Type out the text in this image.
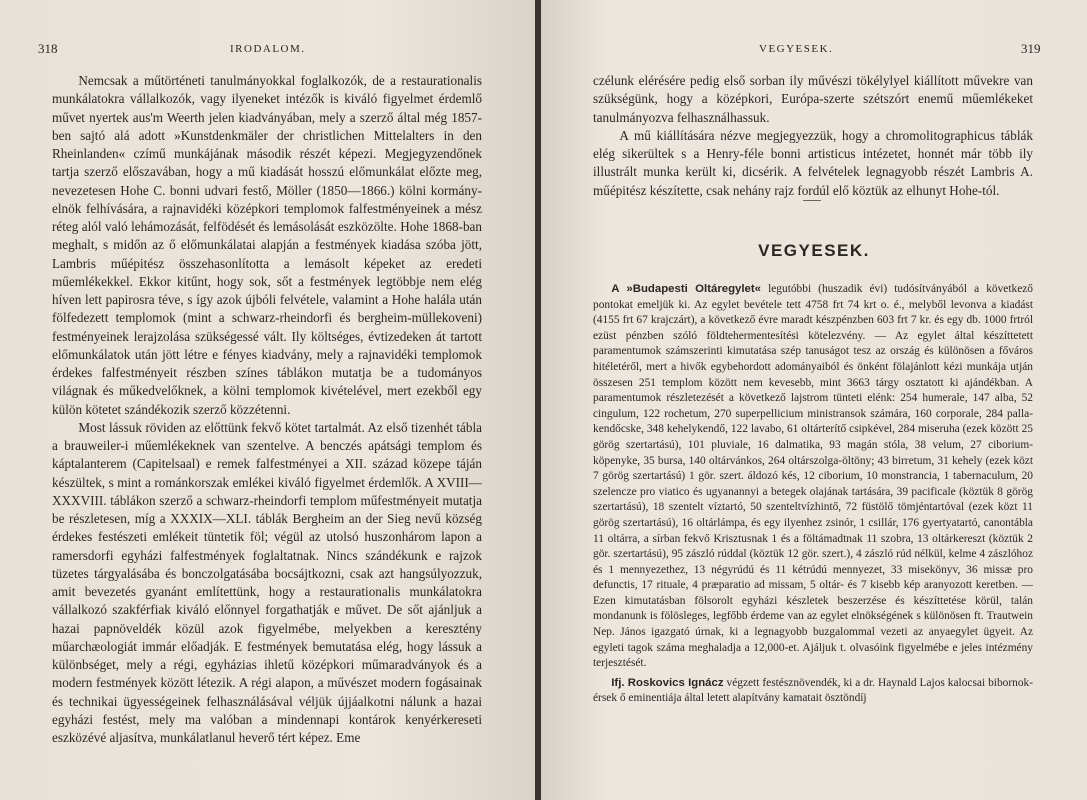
318	IRODALOM.

Nemcsak a műtörténeti tanulmányokkal foglalkozók, de a restaurationalis munkálatokra vállalkozók, vagy ilyeneket intézők is kiváló figyelmet érdemlő művet nyertek aus'm Weerth jelen kiadványában, mely a szerző által még 1857-ben sajtó alá adott »Kunstdenkmäler der christlichen Mittelalters in den Rheinlanden« czímű munkájának második részét képezi. Megjegyzendőnek tartja szerző előszavában, hogy a mű kiadását hosszú előmunkálat előzte meg, nevezetesen Hohe C. bonni udvari festő, Möller (1850—1866.) kölni kormány-elnök felhívására, a rajnavidéki középkori templomok falfestményeinek a mész réteg alól való lehámozását, felfödését és lemásolását eszközölte. Hohe 1868-ban meghalt, s midőn az ő előmunkálatai alapján a festmények kiadása szóba jött, Lambris műépitész összehasonlította a lemásolt képeket az eredeti műemlékekkel. Ekkor kitűnt, hogy sok, sőt a festmények legtöbbje nem elég híven lett papirosra téve, s így azok újbóli felvétele, valamint a Hohe halála után fölfedezett templomok (mint a schwarz-rheindorfi és bergheim-müllekoveni) festményeinek lerajzolása szükségessé vált. Ily költséges, évtizedeken át tartott előmunkálatok után jött létre e fényes kiadvány, mely a rajnavidéki templomok érdekes falfestményeit részben színes táblákon mutatja be a tudományos világnak és műkedvelőknek, a kölni templomok kivételével, mert ezekből egy külön kötetet szándékozik szerző közzétenni.

Most lássuk röviden az előttünk fekvő kötet tartalmát. Az első tizenhét tábla a brauweiler-i műemlékeknek van szentelve. A benczés apátsági templom és káptalanterem (Capitelsaal) e remek falfestményei a XII. század közepe táján készültek, s mint a románkorszak emlékei kiváló figyelmet érdemlők. A XVIII—XXXVIII. táblákon szerző a schwarz-rheindorfi templom műfestményeit mutatja be részletesen, míg a XXXIX—XLI. táblák Bergheim an der Sieg nevű község érdekes festészeti emlékeit tüntetik föl; végül az utolsó huszonhárom lapon a ramersdorfi egyházi falfestmények foglaltatnak. Nincs szándékunk e rajzok tüzetes tárgyalásába és bonczolgatásába bocsájtkozni, csak azt hangsúlyozzuk, amit bevezetés gyanánt említettünk, hogy a restaurationalis munkálatokra vállalkozó szakférfiak kiváló előnnyel forgathatják e művet. De sőt ajánljuk a hazai papnöveldék közül azok figyelmébe, melyekben a keresztény műarchæologiát immár előadják. E festmények bemutatása elég, hogy lássuk a különbséget, mely a régi, egyházias ihletű középkori műmaradványok és a modern festmények között létezik. A régi alapon, a művészet modern fogásainak és technikai ügyességeinek felhasználásával véljük újjáalkotni nálunk a hazai egyházi festést, mely ma valóban a mindennapi kontárok kenyérkereseti eszközévé aljasítva, munkálatlanul heverő tért képez. Eme

VEGYESEK.	319

czélunk elérésére pedig első sorban ily művészi tökélylyel kiállított művekre van szükségünk, hogy a középkori, Európa-szerte szétszórt enemű műemlékeket tanulmányozva felhasználhassuk.

A mű kiállítására nézve megjegyezzük, hogy a chromolitographicus táblák elég sikerültek s a Henry-féle bonni artisticus intézetet, honnét már több ily illustrált munka került ki, dicsérik. A felvételek legnagyobb részét Lambris A. műépitész készítette, csak nehány rajz fordúl elő köztük az elhunyt Hohe-tól.

VEGYESEK.

A »Budapesti Oltáregylet« legutóbbi (huszadik évi) tudósítványából a következő pontokat emeljük ki. Az egylet bevétele tett 4758 frt 74 krt o. é., melyből levonva a kiadást (4155 frt 67 krajczárt), a következő évre maradt készpénzben 603 frt 7 kr. és egy db. 1000 frtról ezüst pénzben szóló földtehermentesítési kötelezvény. — Az egylet által készíttetett paramentumok számszerinti kimutatása szép tanuságot tesz az ország és különösen a főváros hitéletéről, mert a hivők egybehordott adományaiból és önként fölajánlott kézi munkája utján összesen 251 templom között nem kevesebb, mint 3663 tárgy osztatott ki ajándékban. A paramentumok részletezését a következő lajstrom tünteti elénk: 254 humerale, 147 alba, 52 cingulum, 122 rochetum, 270 superpellicium ministransok számára, 160 corporale, 284 palla-kendőcske, 348 kehelykendő, 122 lavabo, 61 oltárterítő csipkével, 284 miseruha (ezek között 25 görög szertartású), 101 pluviale, 16 dalmatika, 93 magán stóla, 38 velum, 27 ciborium-köpenyke, 35 bursa, 140 oltárvánkos, 264 oltárszolga-öltöny; 43 birretum, 31 kehely (ezek közt 7 görög szertartású) 1 gör. szert. áldozó kés, 12 ciborium, 10 monstrancia, 1 tabernaculum, 20 szelencze pro viatico és ugyanannyi a betegek olajának tartására, 39 pacificale (köztük 8 görög szertartású), 18 szentelt víztartó, 50 szenteltvízhintő, 72 füstölő tömjéntartóval (ezek közt 11 görög szertartású), 16 oltárlámpa, és egy ilyenhez zsinór, 1 csillár, 176 gyertyatartó, canontábla 11 oltárra, a sírban fekvő Krisztusnak 1 és a föltámadtnak 11 szobra, 13 oltárkereszt (köztük 2 gör. szertartású), 95 zászló rúddal (köztük 12 gör. szert.), 4 zászló rúd nélkül, kelme 4 zászlóhoz és 1 mennyezethez, 13 négyrúdú és 11 kétrúdú mennyezet, 33 misekönyv, 36 missæ pro defunctis, 17 rituale, 4 præparatio ad missam, 5 oltár- és 7 kisebb kép aranyozott keretben. — Ezen kimutatásban fölsorolt egyházi készletek beszerzése és készíttetése körül, talán mondanunk is fölösleges, legfőbb érdeme van az egylet elnökségének s különösen ft. Trautwein Nep. János igazgató úrnak, ki a legnagyobb buzgalommal vezeti az anyaegylet ügyeit. Az egyleti tagok száma meghaladja a 12,000-et. Ajáljuk t. olvasóink figyelmébe e jeles intézmény terjesztését.

Ifj. Roskovics Ignácz végzett festésznövendék, ki a dr. Haynald Lajos kalocsai bibornok-érsek ő eminentiája által letett alapítvány kamatait ösztöndíj
